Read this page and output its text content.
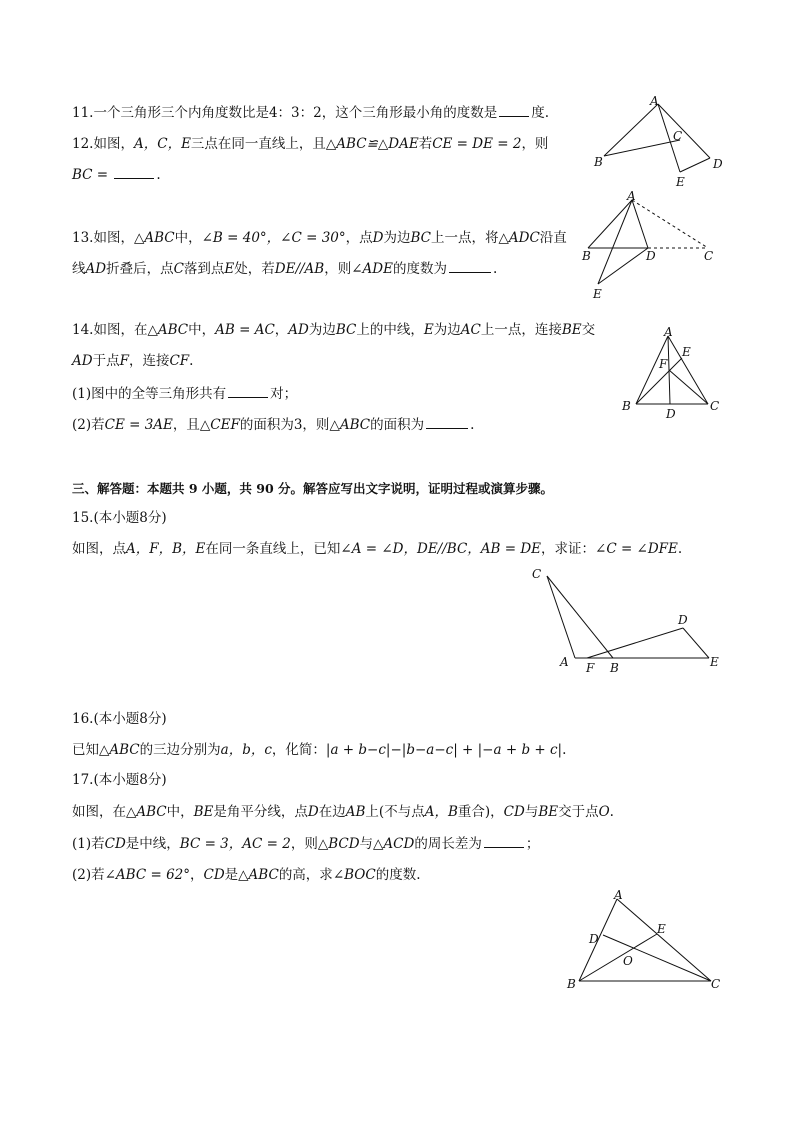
11.一个三角形三个内角度数比是4：3：2，这个三角形最小角的度数是	度.
12.如图，A，C，E三点在同一直线上，且△ABC≌△DAE若CE = DE = 2，则
BC =	.
13.如图，△ABC中，∠B = 40°，∠C = 30°，点D为边BC上一点，将△ADC沿直
线AD折叠后，点C落到点E处，若DE//AB，则∠ADE的度数为	.
14.如图，在△ABC中，AB = AC，AD为边BC上的中线，E为边AC上一点，连接BE交
AD于点F，连接CF.
(1)图中的全等三角形共有	对；
(2)若CE = 3AE，且△CEF的面积为3，则△ABC的面积为	.
三、解答题：本题共 9 小题，共 90 分。解答应写出文字说明，证明过程或演算步骤。
15.(本小题8分)
如图，点A，F，B，E在同一条直线上，已知∠A = ∠D，DE//BC，AB = DE，求证：∠C = ∠DFE.
16.(本小题8分)
已知△ABC的三边分别为a，b，c，化简：|a + b−c|−|b−a−c| + |−a + b + c|.
17.(本小题8分)
如图，在△ABC中，BE是角平分线，点D在边AB上(不与点A，B重合)，CD与BE交于点O.
(1)若CD是中线，BC = 3，AC = 2，则△BCD与△ACD的周长差为	；
(2)若∠ABC = 62°，CD是△ABC的高，求∠BOC的度数.
A
B
C
D
E
A
B	C
D
E
A
B	C
D
E
F
C
A F B
D
E
A
B	C
D
E
O
